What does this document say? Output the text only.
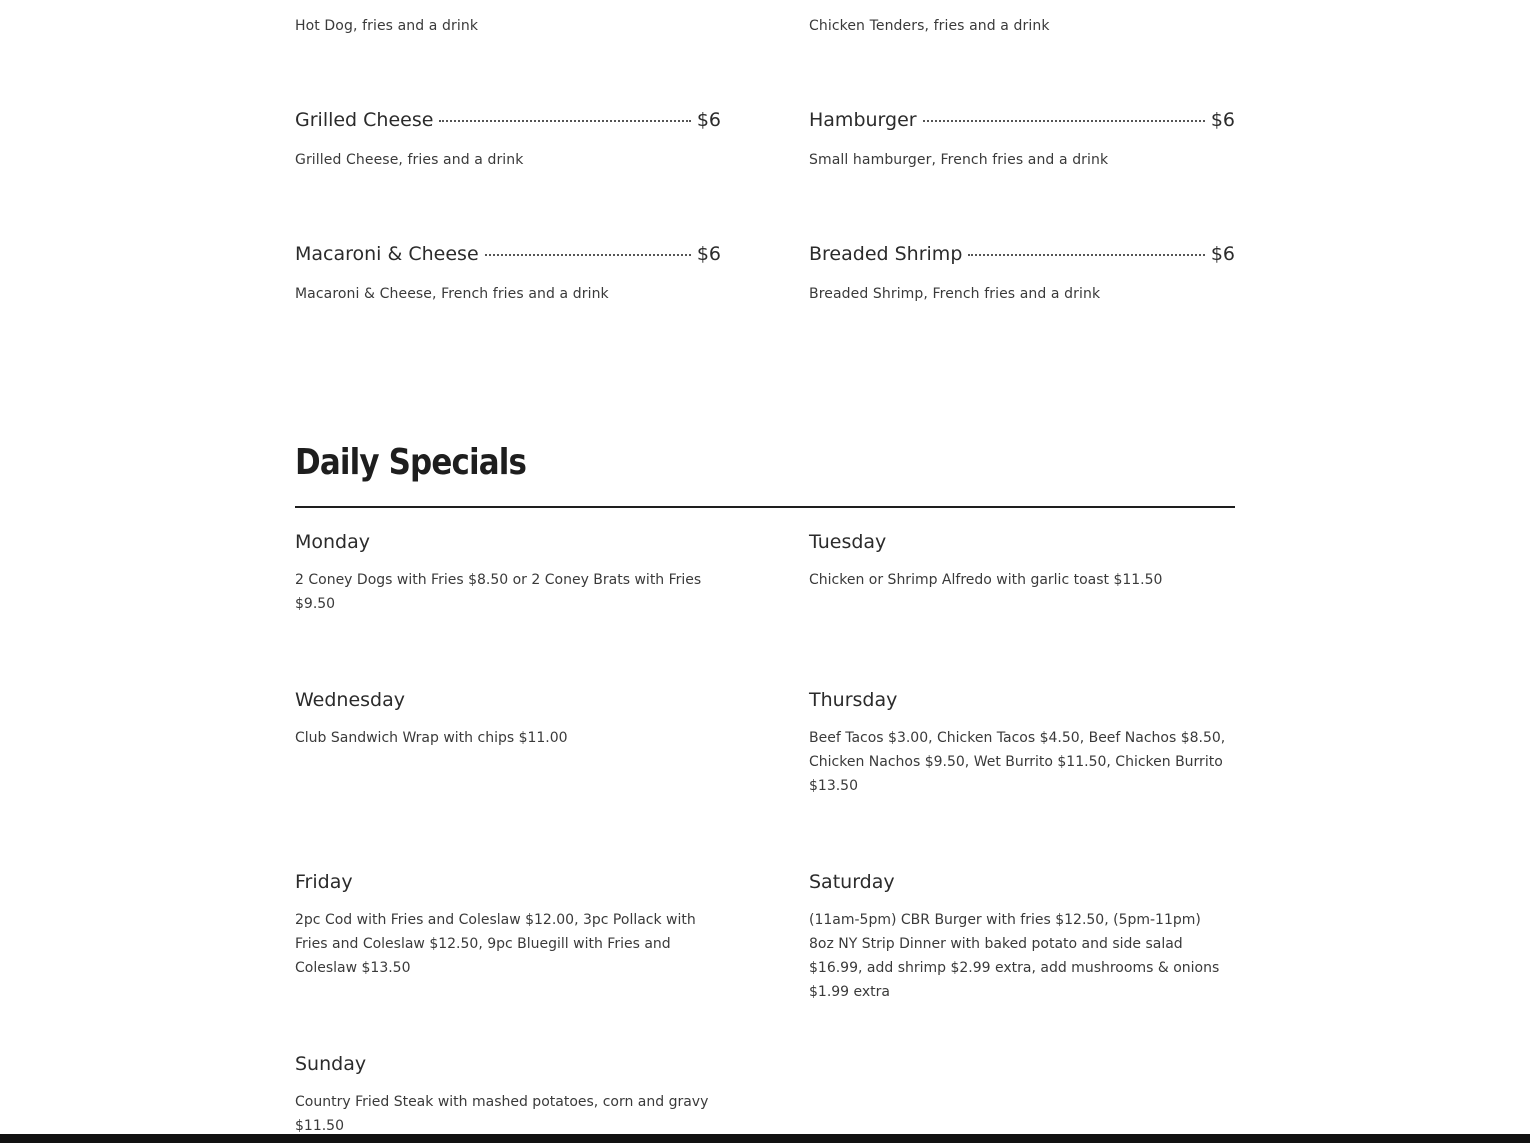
Hot Dog, fries and a drink	Chicken Tenders, fries and a drink

Grilled Cheese	$6

Grilled Cheese, fries and a drink

Hamburger	$6

Small hamburger, French fries and a drink

Macaroni & Cheese	$6

Macaroni & Cheese, French fries and a drink

Breaded Shrimp	$6

Breaded Shrimp, French fries and a drink

Daily Specials

Monday

2 Coney Dogs with Fries $8.50 or 2 Coney Brats with Fries $9.50

Tuesday

Chicken or Shrimp Alfredo with garlic toast $11.50

Wednesday

Club Sandwich Wrap with chips $11.00

Thursday

Beef Tacos $3.00, Chicken Tacos $4.50, Beef Nachos $8.50, Chicken Nachos $9.50, Wet Burrito $11.50, Chicken Burrito $13.50

Friday

2pc Cod with Fries and Coleslaw $12.00, 3pc Pollack with Fries and Coleslaw $12.50, 9pc Bluegill with Fries and Coleslaw $13.50

Saturday

(11am-5pm) CBR Burger with fries $12.50, (5pm-11pm) 8oz NY Strip Dinner with baked potato and side salad $16.99, add shrimp $2.99 extra, add mushrooms & onions $1.99 extra

Sunday

Country Fried Steak with mashed potatoes, corn and gravy $11.50
